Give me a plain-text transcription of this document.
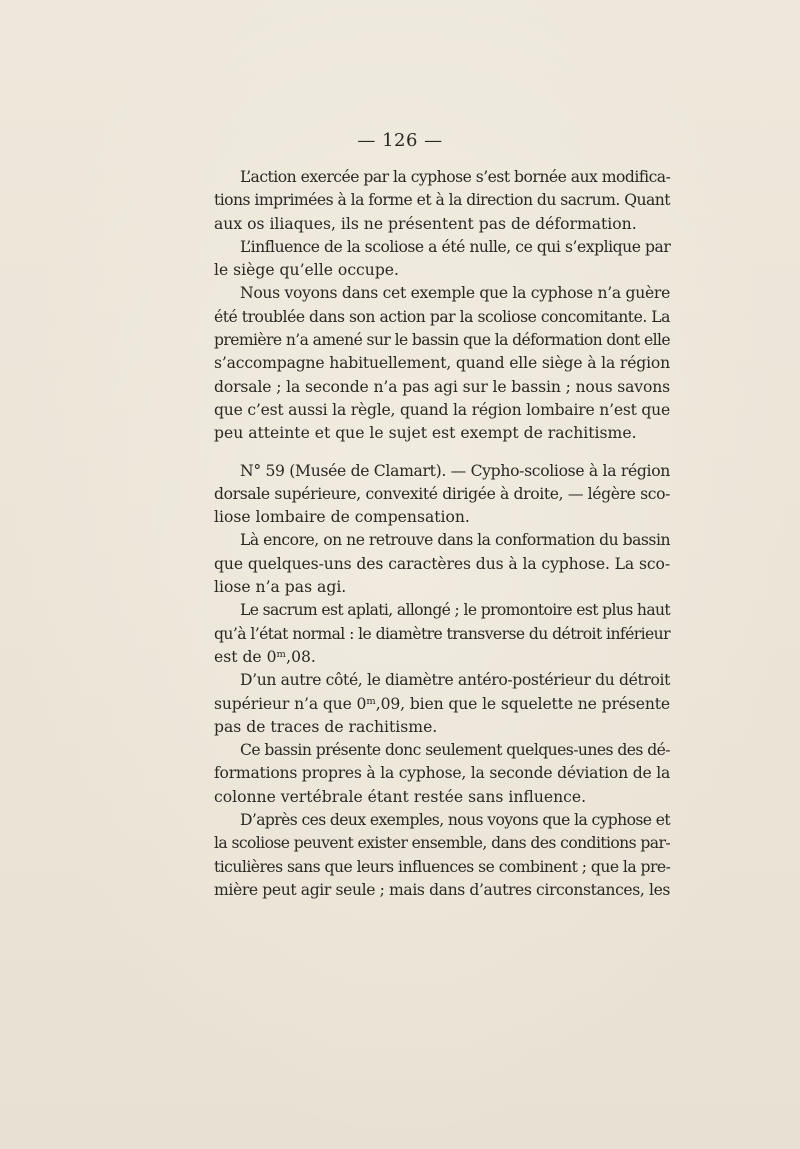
— 126 —
L’action exercée par la cyphose s’est bornée aux modifica-
tions imprimées à la forme et à la direction du sacrum. Quant
aux os iliaques, ils ne présentent pas de déformation.
L’influence de la scoliose a été nulle, ce qui s’explique par
le siège qu’elle occupe.
Nous voyons dans cet exemple que la cyphose n’a guère
été troublée dans son action par la scoliose concomitante. La
première n’a amené sur le bassin que la déformation dont elle
s’accompagne habituellement, quand elle siège à la région
dorsale ; la seconde n’a pas agi sur le bassin ; nous savons
que c’est aussi la règle, quand la région lombaire n’est que
peu atteinte et que le sujet est exempt de rachitisme.
N° 59 (Musée de Clamart). — Cypho-scoliose à la région
dorsale supérieure, convexité dirigée à droite, — légère sco-
liose lombaire de compensation.
Là encore, on ne retrouve dans la conformation du bassin
que quelques-uns des caractères dus à la cyphose. La sco-
liose n’a pas agi.
Le sacrum est aplati, allongé ; le promontoire est plus haut
qu’à l’état normal : le diamètre transverse du détroit inférieur
est de 0ᵐ,08.
D’un autre côté, le diamètre antéro-postérieur du détroit
supérieur n’a que 0ᵐ,09, bien que le squelette ne présente
pas de traces de rachitisme.
Ce bassin présente donc seulement quelques-unes des dé-
formations propres à la cyphose, la seconde déviation de la
colonne vertébrale étant restée sans influence.
D’après ces deux exemples, nous voyons que la cyphose et
la scoliose peuvent exister ensemble, dans des conditions par-
ticulières sans que leurs influences se combinent ; que la pre-
mière peut agir seule ; mais dans d’autres circonstances, les
